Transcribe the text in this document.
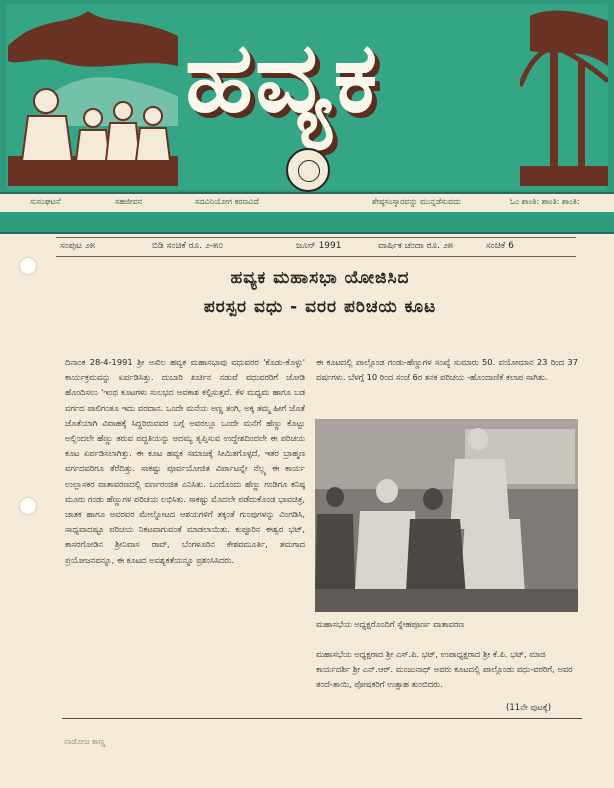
ಹವ್ಯಕ
ಸುಸಂಘಟನೆ	ಸಹಜೀವನ	ಸದವಿನಿಯೋಗ ಕರಣವಿದೆ	ಶೇಷ್ಠಸಂಸ್ಕಾರವನ್ನು ಮುನ್ನಡೆಸುವದು	ಓಂ ಶಾಂತಿ: ಶಾಂತಿ: ಶಾಂತಿ:
ಸಂಪುಟ ೨೫	ಬಿಡಿ ಸಂಚಿಕೆ ರೂ. ೨-೫೦	ಜೂನ್ 1991	ವಾರ್ಷಿಕ ಚಂದಾ ರೂ. ೨೫	ಸಂಚಿಕೆ 6
ಹವ್ಯಕ ಮಹಾಸಭಾ ಯೋಜಿಸಿದ
ಪರಸ್ಪರ ವಧು - ವರರ ಪರಿಚಯ ಕೂಟ
ದಿನಾಂಕ 28-4-1991 ಶ್ರೀ ಅಖಿಲ ಹವ್ಯಕ ಮಹಾಸಭಾವು ವಧುವರರ 'ಕೊಡು-ಕೊಳ್ಳು' ಕಾರ್ಯಕ್ರಮವನ್ನು ಏರ್ಪಡಿಸಿತ್ತು. ದುಬಾರಿ ಖರ್ಚಿನ ನಡುವೆ ವಧುವರರಿಗೆ ಜೋಡಿ ಹೊಂದಿಸಲು 'ಇಂಥ ಕೂಟಗಳು ಸುಲಭದ ಅವಕಾಶ ಕಲ್ಪಿಸುತ್ತವೆ. ಕೆಳ ಮಧ್ಯಮ ಹಾಗೂ ಬಡ ವರ್ಗದ ಪಾಲಿಗಂತೂ ಇದು ವರದಾನ. ಒಂದೇ ಮನೆಯ ಅಣ್ಣ ತಂಗಿ, ಅಕ್ಕ ತಮ್ಮ ಹೀಗೆ ಜೊತೆ ಜೊತೆಯಾಗಿ ವಿವಾಹಕ್ಕೆ ಸಿದ್ಧರಿರುವವರ ಬಗ್ಗೆ ಅವರಲ್ಲೂ ಒಂದೇ ಮನೆಗೆ ಹೆಣ್ಣು ಕೊಟ್ಟು ಅಲ್ಲಿಂದಲೇ ಹೆಣ್ಣು ತರುವ ಪದ್ಧತಿಯನ್ನು ಅದಮ್ಯ ತೃಪ್ತಿಸುವ ಉದ್ದೇಶದಿಂದಲೇ ಈ ಪರಿಚಯ ಕೂಟ ಏರ್ಪಡಿಸಲಾಗಿತ್ತು. ಈ ಕೂಟ ಹವ್ಯಕ ಸಮಾಜಕ್ಕೆ ಸೀಮಿತಗೊಳ್ಳದೆ, ಇತರ ಬ್ರಾಹ್ಮಣ ವರ್ಗದವರಿಗೂ ತೆರೆದಿತ್ತು. ಸಾಕಷ್ಟು ಪೂರ್ವಯೋಜಿತ ವಿರ್ಪಾಟನ್ನೇ ನೆಲ್ಲ್ಯ ಈ ಕಾರ್ಯ ಉಲ್ಲಾಸಕರ ವಾತಾವರಣದಲ್ಲಿ ವರ್ಣರಂಜಿತ ಎನಿಸಿತು. ಒಂದೊಂದು ಹೆಣ್ಣು ಗಂಡಿಗೂ ಕನಿಷ್ಠ ಮೂರು ಗಂಡು ಹೆಣ್ಣುಗಳ ಪರಿಚಯ ಲಭಿಸಿತು. ಸಾಕಷ್ಟು ಮೊದಲೇ ಪಡೆದುಕೊಂಡ ಭಾವಚಿತ್ರ, ಜಾತಕ ಹಾಗೂ ಅವರವರ ಮೇಲ್ನೋಟದ ಆಶಯಗಳಿಗೆ ತಕ್ಕಂತೆ ಗುಂಪುಗಳನ್ನು ವಿಂಗಡಿಸಿ, ಸಾಧ್ಯವಾದಷ್ಟೂ ಪರಿಚಯ ನಿಕಟವಾಗುವಂತೆ ಮಾಡಲಾಯಿತು. ಕುಪ್ಪೂರಿನ ಈಶ್ವರ ಭಟ್, ಕಾಸರಗೋಡಿನ ಶ್ರೀನಿವಾಸ ರಾವ್, ಬೆಂಗಳೂರಿನ ಕೇಶವಮೂರ್ತಿ, ತಮಗಾದ ಪ್ರಯೋಜನವನ್ನೂ, ಈ ಕೂಟದ ಅವಶ್ಯಕತೆಯನ್ನೂ ಪ್ರಶಂಸಿಸಿದರು.
ಈ ಕೂಟದಲ್ಲಿ ಪಾಲ್ಗೊಂಡ ಗಂಡು-ಹೆಣ್ಣುಗಳ ಸಂಖ್ಯೆ ಸುಮಾರು 50. ವಯೋಮಾನ 23 ರಿಂದ 37 ವರ್ಷಗಳು. ಬೆಳಗ್ಗೆ 10 ರಿಂದ ಸಂಜೆ 6ರ ತನಕ ಪರಿಚಯ -ಹೊಂದಾಣಿಕೆ ಕಲಾಪ ಸಾಗಿತು.
ಮಹಾಸಭೆಯ ಅಧ್ಯಕ್ಷರೊಂದಿಗೆ ಸ್ನೇಹಪೂರ್ಣ ವಾತಾವರಣ
ಮಹಾಸಭೆಯ ಅಧ್ಯಕ್ಷರಾದ ಶ್ರೀ ಎಸ್.ಪಿ. ಭಟ್, ಉಪಾಧ್ಯಕ್ಷರಾದ ಶ್ರೀ ಕೆ.ಪಿ. ಭಟ್, ಮಾಜಿ ಕಾರ್ಯದರ್ಶಿ ಶ್ರೀ ಎನ್.ಆರ್. ಮಂಜುನಾಥ್ ಅವರು ಕೂಟದಲ್ಲಿ ಪಾಲ್ಗೊಂಡು ವಧು-ವರರಿಗೆ, ಅವರ ತಂದೆ-ತಾಯಿ, ಪೋಷಕರಿಗೆ ಉತ್ಸಾಹ ತುಂಬಿದರು.
(11ನೇ ಪುಟಕ್ಕೆ)
ನಾಡೋಜ ಕಾಣ್ಣ
